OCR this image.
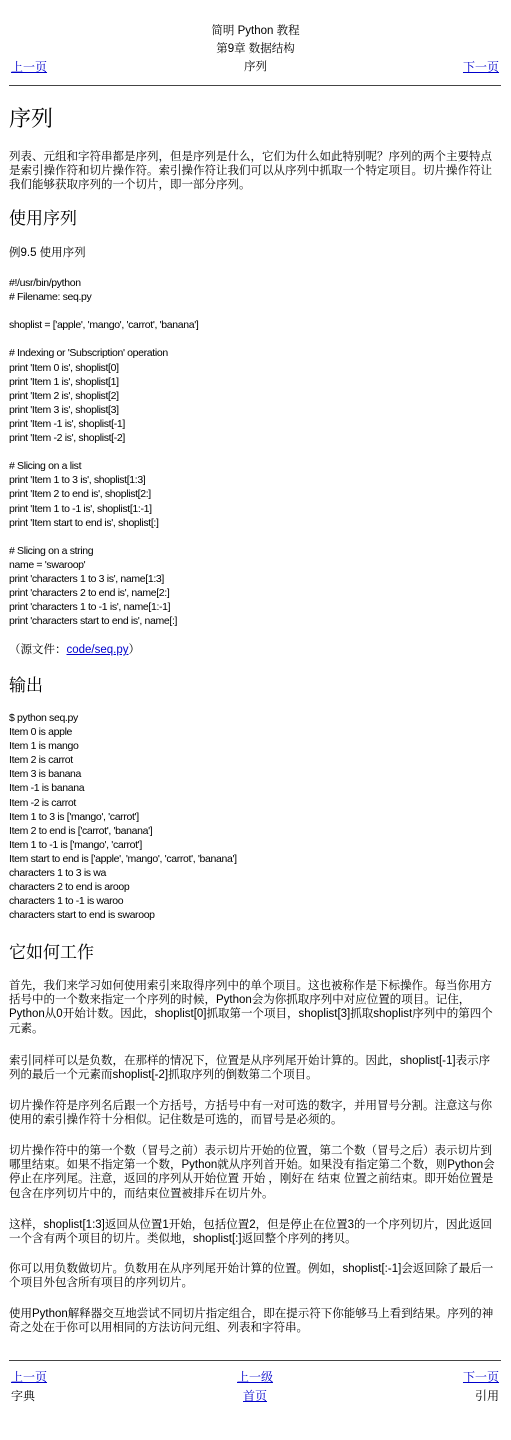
简明 Python 教程
第9章 数据结构
序列
上一页	下一页
序列

列表、元组和字符串都是序列，但是序列是什么，它们为什么如此特别呢？序列的两个主要特点是索引操作符和切片操作符。索引操作符让我们可以从序列中抓取一个特定项目。切片操作符让我们能够获取序列的一个切片，即一部分序列。

使用序列
例9.5 使用序列
#!/usr/bin/python
# Filename: seq.py
shoplist = ['apple', 'mango', 'carrot', 'banana']
# Indexing or 'Subscription' operation
print 'Item 0 is', shoplist[0]
print 'Item 1 is', shoplist[1]
print 'Item 2 is', shoplist[2]
print 'Item 3 is', shoplist[3]
print 'Item -1 is', shoplist[-1]
print 'Item -2 is', shoplist[-2]
# Slicing on a list
print 'Item 1 to 3 is', shoplist[1:3]
print 'Item 2 to end is', shoplist[2:]
print 'Item 1 to -1 is', shoplist[1:-1]
print 'Item start to end is', shoplist[:]
# Slicing on a string
name = 'swaroop'
print 'characters 1 to 3 is', name[1:3]
print 'characters 2 to end is', name[2:]
print 'characters 1 to -1 is', name[1:-1]
print 'characters start to end is', name[:]
（源文件：code/seq.py）
输出
$ python seq.py
Item 0 is apple
Item 1 is mango
Item 2 is carrot
Item 3 is banana
Item -1 is banana
Item -2 is carrot
Item 1 to 3 is ['mango', 'carrot']
Item 2 to end is ['carrot', 'banana']
Item 1 to -1 is ['mango', 'carrot']
Item start to end is ['apple', 'mango', 'carrot', 'banana']
characters 1 to 3 is wa
characters 2 to end is aroop
characters 1 to -1 is waroo
characters start to end is swaroop
它如何工作

首先，我们来学习如何使用索引来取得序列中的单个项目。这也被称作是下标操作。每当你用方括号中的一个数来指定一个序列的时候，Python会为你抓取序列中对应位置的项目。记住，Python从0开始计数。因此，shoplist[0]抓取第一个项目，shoplist[3]抓取shoplist序列中的第四个元素。

索引同样可以是负数，在那样的情况下，位置是从序列尾开始计算的。因此，shoplist[-1]表示序列的最后一个元素而shoplist[-2]抓取序列的倒数第二个项目。

切片操作符是序列名后跟一个方括号，方括号中有一对可选的数字，并用冒号分割。注意这与你使用的索引操作符十分相似。记住数是可选的，而冒号是必须的。

切片操作符中的第一个数（冒号之前）表示切片开始的位置，第二个数（冒号之后）表示切片到哪里结束。如果不指定第一个数，Python就从序列首开始。如果没有指定第二个数，则Python会停止在序列尾。注意，返回的序列从开始位置 开始 ，刚好在 结束 位置之前结束。即开始位置是包含在序列切片中的，而结束位置被排斥在切片外。

这样，shoplist[1:3]返回从位置1开始，包括位置2，但是停止在位置3的一个序列切片，因此返回一个含有两个项目的切片。类似地，shoplist[:]返回整个序列的拷贝。

你可以用负数做切片。负数用在从序列尾开始计算的位置。例如，shoplist[:-1]会返回除了最后一个项目外包含所有项目的序列切片。

使用Python解释器交互地尝试不同切片指定组合，即在提示符下你能够马上看到结果。序列的神奇之处在于你可以用相同的方法访问元组、列表和字符串。

上一页	上一级	下一页
字典	首页	引用
